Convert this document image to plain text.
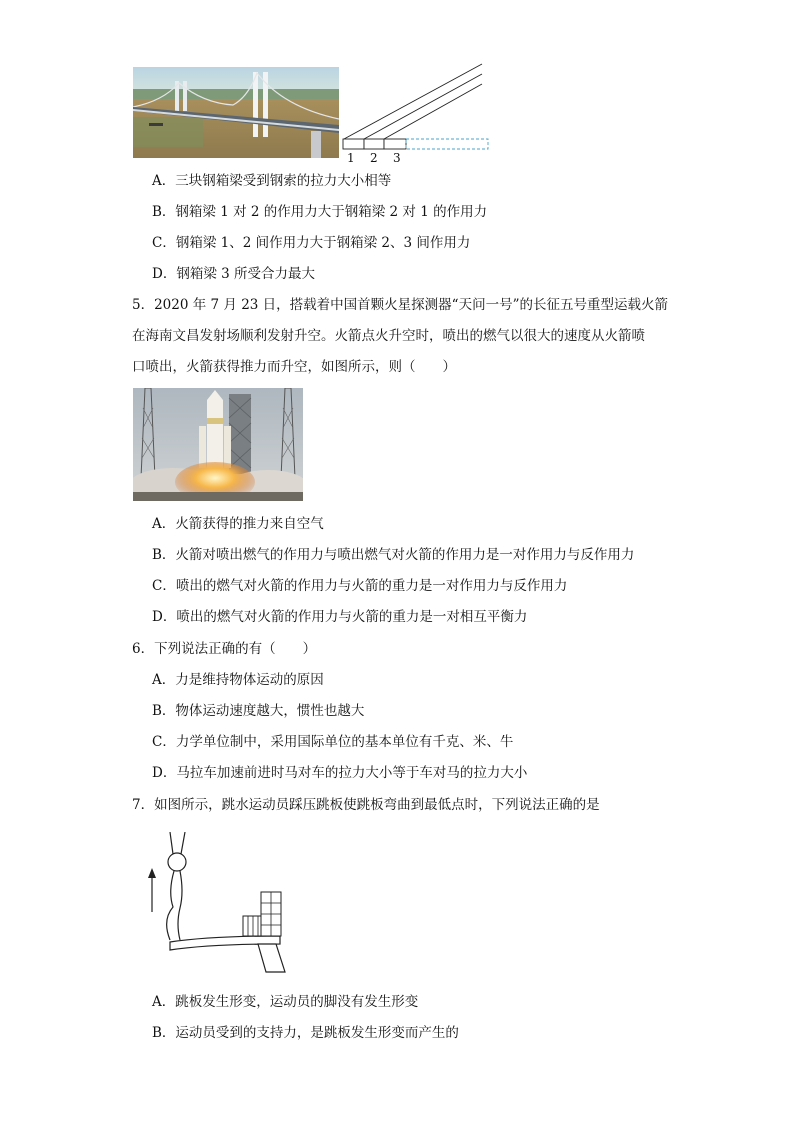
1 2 3
A．三块钢箱梁受到钢索的拉力大小相等
B．钢箱梁 1 对 2 的作用力大于钢箱梁 2 对 1 的作用力
C．钢箱梁 1、2 间作用力大于钢箱梁 2、3 间作用力
D．钢箱梁 3 所受合力最大
5．2020 年 7 月 23 日，搭载着中国首颗火星探测器“天问一号”的长征五号重型运载火箭
在海南文昌发射场顺利发射升空。火箭点火升空时，喷出的燃气以很大的速度从火箭喷
口喷出，火箭获得推力而升空，如图所示，则（　　）
A．火箭获得的推力来自空气
B．火箭对喷出燃气的作用力与喷出燃气对火箭的作用力是一对作用力与反作用力
C．喷出的燃气对火箭的作用力与火箭的重力是一对作用力与反作用力
D．喷出的燃气对火箭的作用力与火箭的重力是一对相互平衡力
6．下列说法正确的有（　　）
A．力是维持物体运动的原因
B．物体运动速度越大，惯性也越大
C．力学单位制中，采用国际单位的基本单位有千克、米、牛
D．马拉车加速前进时马对车的拉力大小等于车对马的拉力大小
7．如图所示，跳水运动员踩压跳板使跳板弯曲到最低点时，下列说法正确的是
A．跳板发生形变，运动员的脚没有发生形变
B．运动员受到的支持力，是跳板发生形变而产生的
